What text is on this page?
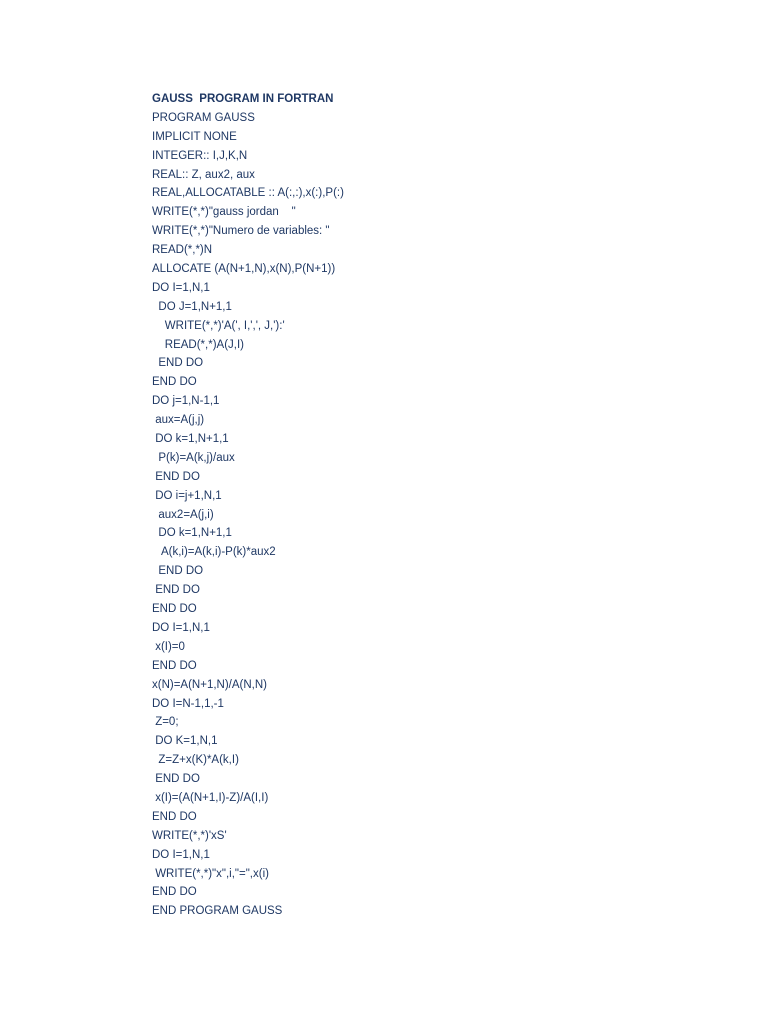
GAUSS  PROGRAM IN FORTRAN
PROGRAM GAUSS
IMPLICIT NONE
INTEGER:: I,J,K,N
REAL:: Z, aux2, aux
REAL,ALLOCATABLE :: A(:,:),x(:),P(:)
WRITE(*,*)"gauss jordan    "
WRITE(*,*)"Numero de variables: "
READ(*,*)N
ALLOCATE (A(N+1,N),x(N),P(N+1))
DO I=1,N,1
DO J=1,N+1,1
WRITE(*,*)'A(', I,',', J,'):'
READ(*,*)A(J,I)
END DO
END DO
DO j=1,N-1,1
aux=A(j,j)
DO k=1,N+1,1
P(k)=A(k,j)/aux
END DO
DO i=j+1,N,1
aux2=A(j,i)
DO k=1,N+1,1
A(k,i)=A(k,i)-P(k)*aux2
END DO
END DO
END DO
DO I=1,N,1
x(I)=0
END DO
x(N)=A(N+1,N)/A(N,N)
DO I=N-1,1,-1
Z=0;
DO K=1,N,1
Z=Z+x(K)*A(k,I)
END DO
x(I)=(A(N+1,I)-Z)/A(I,I)
END DO
WRITE(*,*)'xS'
DO I=1,N,1
WRITE(*,*)"x",i,"=",x(i)
END DO
END PROGRAM GAUSS
